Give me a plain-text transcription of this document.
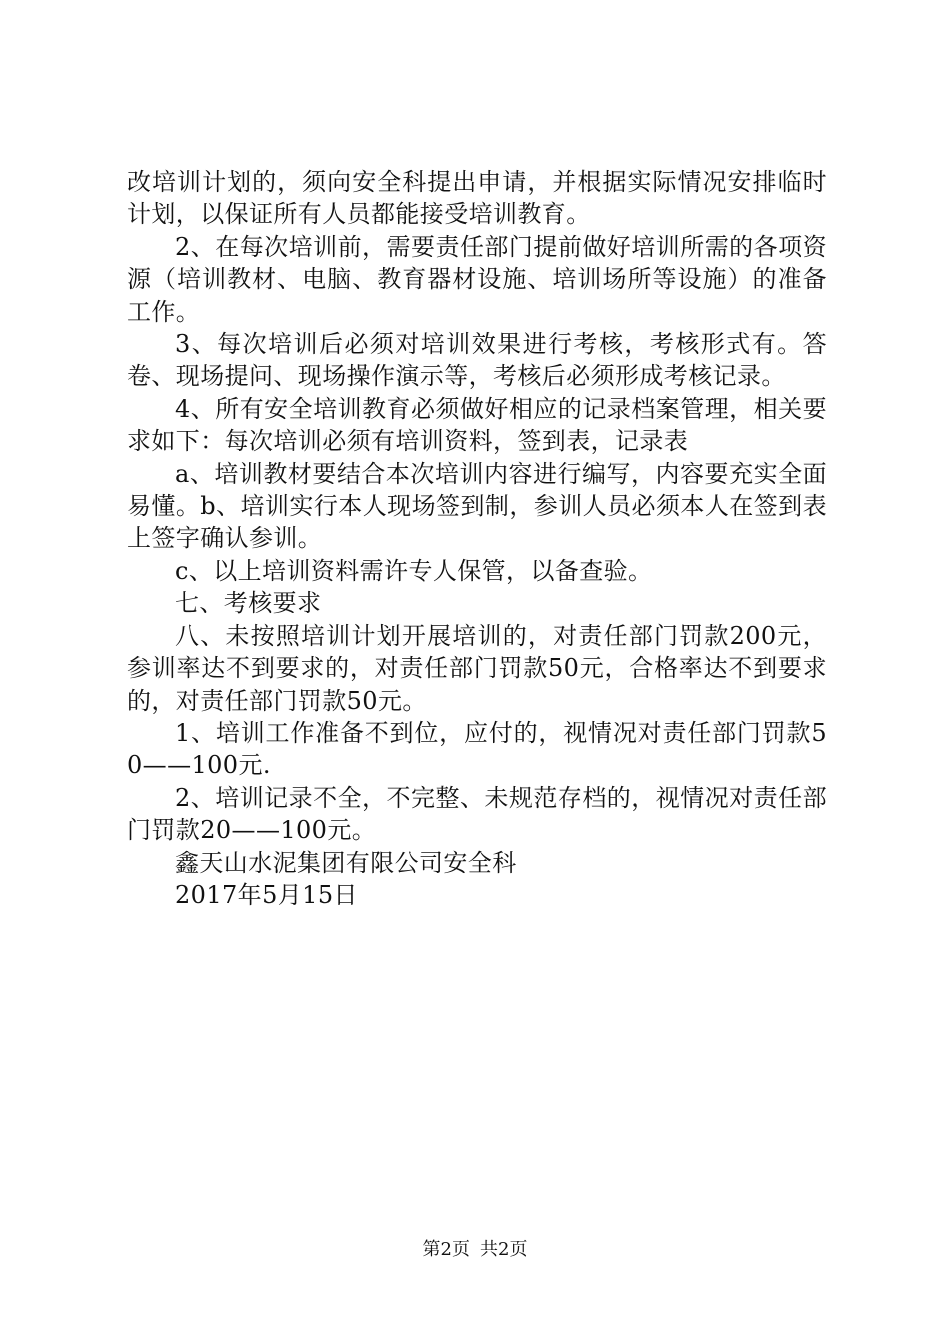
改培训计划的，须向安全科提出申请，并根据实际情况安排临时计划，以保证所有人员都能接受培训教育。

2、在每次培训前，需要责任部门提前做好培训所需的各项资源（培训教材、电脑、教育器材设施、培训场所等设施）的准备工作。

3、每次培训后必须对培训效果进行考核，考核形式有。答卷、现场提问、现场操作演示等，考核后必须形成考核记录。

4、所有安全培训教育必须做好相应的记录档案管理，相关要求如下：每次培训必须有培训资料，签到表，记录表

a、培训教材要结合本次培训内容进行编写，内容要充实全面易懂。b、培训实行本人现场签到制，参训人员必须本人在签到表上签字确认参训。

c、以上培训资料需许专人保管，以备查验。

七、考核要求

八、未按照培训计划开展培训的，对责任部门罚款200元，参训率达不到要求的，对责任部门罚款50元，合格率达不到要求的，对责任部门罚款50元。

1、培训工作准备不到位，应付的，视情况对责任部门罚款50——100元.

2、培训记录不全，不完整、未规范存档的，视情况对责任部门罚款20——100元。

鑫天山水泥集团有限公司安全科

2017年5月15日

第2页 共2页
